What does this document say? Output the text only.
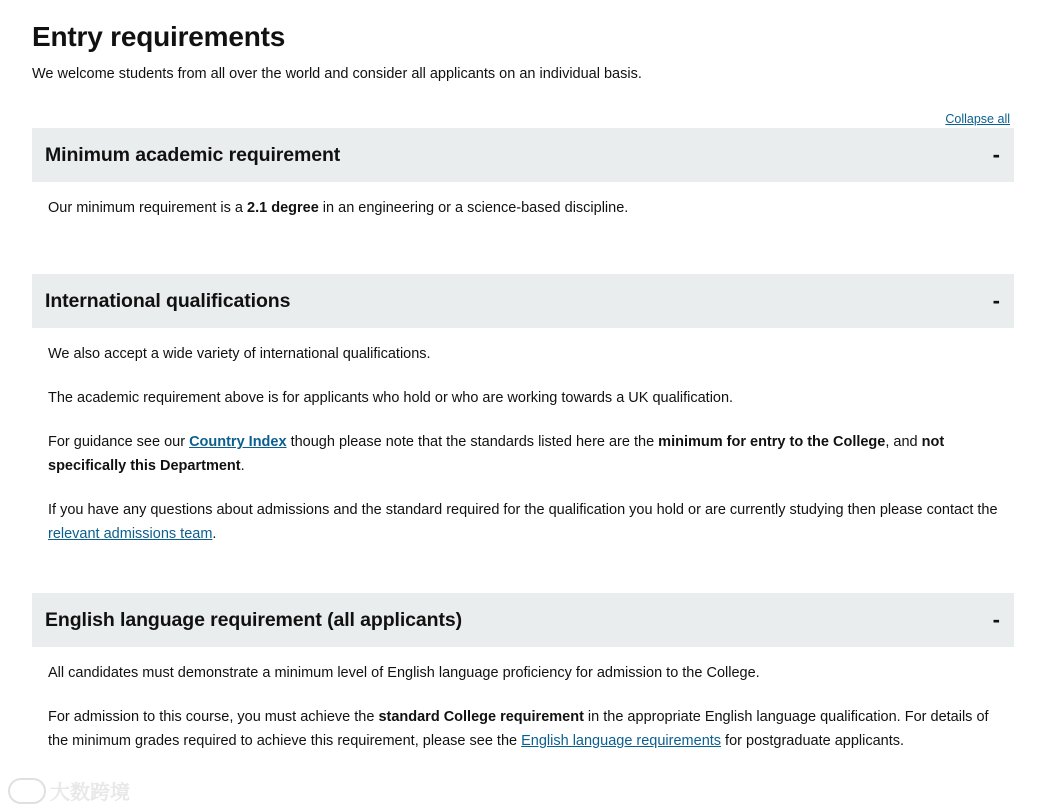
Entry requirements

We welcome students from all over the world and consider all applicants on an individual basis.

Collapse all
Minimum academic requirement	-

Our minimum requirement is a 2.1 degree in an engineering or a science-based discipline.

International qualifications	-

We also accept a wide variety of international qualifications.

The academic requirement above is for applicants who hold or who are working towards a UK qualification.

For guidance see our Country Index though please note that the standards listed here are the minimum for entry to the College, and not specifically this Department.

If you have any questions about admissions and the standard required for the qualification you hold or are currently studying then please contact the relevant admissions team.

English language requirement (all applicants)	-

All candidates must demonstrate a minimum level of English language proficiency for admission to the College.

For admission to this course, you must achieve the standard College requirement in the appropriate English language qualification. For details of the minimum grades required to achieve this requirement, please see the English language requirements for postgraduate applicants.

大数跨境
